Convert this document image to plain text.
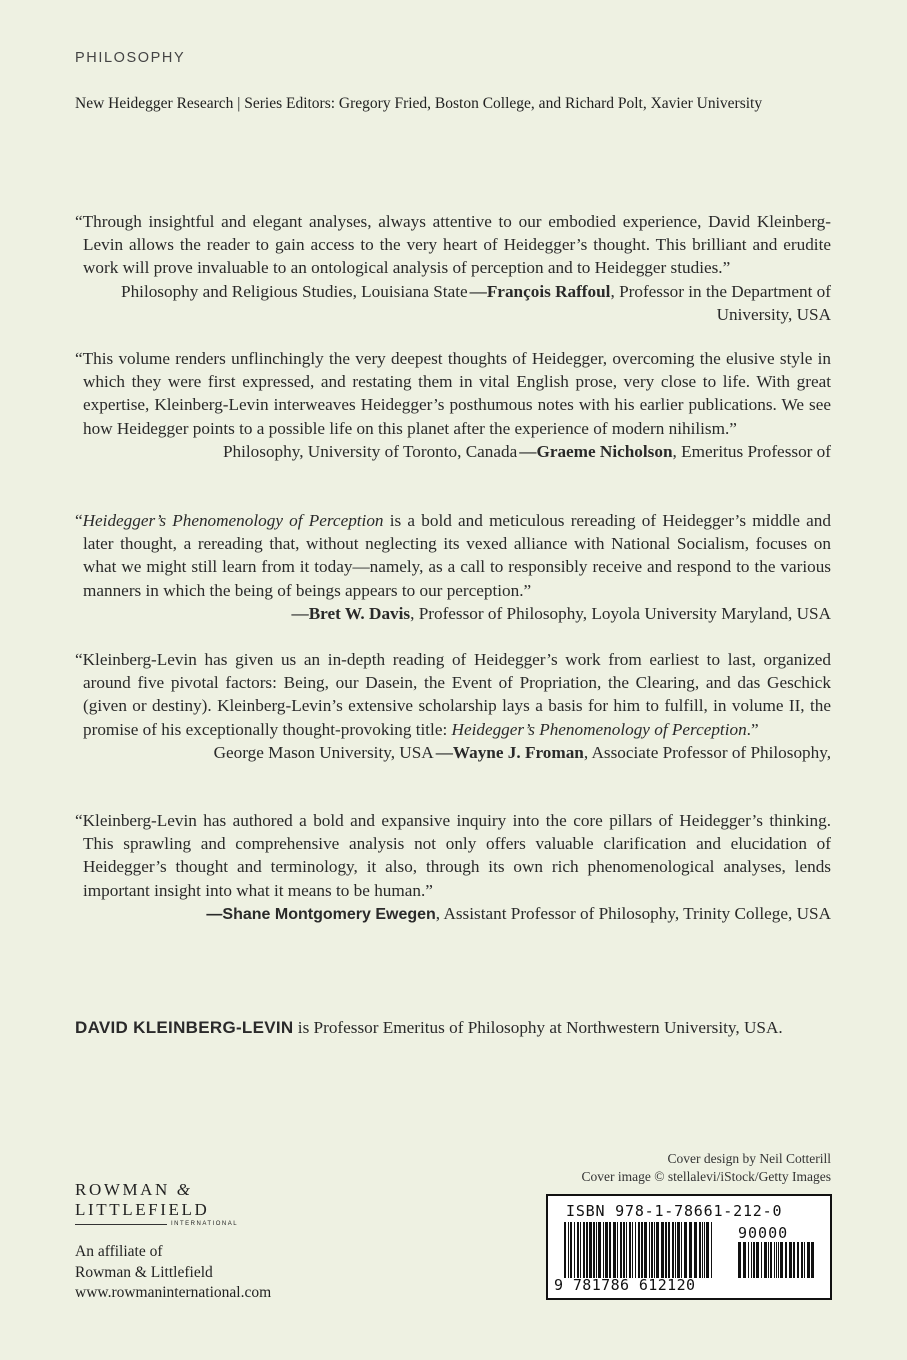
PHILOSOPHY
New Heidegger Research | Series Editors: Gregory Fried, Boston College, and Richard Polt, Xavier University

“Through insightful and elegant analyses, always attentive to our embodied experience, David Kleinberg-Levin allows the reader to gain access to the very heart of Heidegger’s thought. This brilliant and erudite work will prove invaluable to an ontological analysis of perception and to Heidegger studies.”
—François Raffoul, Professor in the Department of

Philosophy and Religious Studies, Louisiana State University, USA

“This volume renders unflinchingly the very deepest thoughts of Heidegger, overcoming the elusive style in which they were first expressed, and restating them in vital English prose, very close to life. With great expertise, Kleinberg-Levin interweaves Heidegger’s posthumous notes with his earlier publications. We see how Heidegger points to a possible life on this planet after the experience of modern nihilism.”
—Graeme Nicholson, Emeritus Professor of

Philosophy, University of Toronto, Canada

“Heidegger’s Phenomenology of Perception is a bold and meticulous rereading of Heidegger’s middle and later thought, a rereading that, without neglecting its vexed alliance with National Socialism, focuses on what we might still learn from it today—namely, as a call to responsibly receive and respond to the various manners in which the being of beings appears to our perception.”
—Bret W. Davis, Professor of Philosophy, Loyola University Maryland, USA

“Kleinberg-Levin has given us an in-depth reading of Heidegger’s work from earliest to last, organized around five pivotal factors: Being, our Dasein, the Event of Propriation, the Clearing, and das Geschick (given or destiny). Kleinberg-Levin’s extensive scholarship lays a basis for him to fulfill, in volume II, the promise of his exceptionally thought-provoking title: Heidegger’s Phenomenology of Perception.”
—Wayne J. Froman, Associate Professor of Philosophy,

George Mason University, USA

“Kleinberg-Levin has authored a bold and expansive inquiry into the core pillars of Heidegger’s thinking. This sprawling and comprehensive analysis not only offers valuable clarification and elucidation of Heidegger’s thought and terminology, it also, through its own rich phenomenological analyses, lends important insight into what it means to be human.”

—Shane Montgomery Ewegen, Assistant Professor of Philosophy, Trinity College, USA

DAVID KLEINBERG-LEVIN is Professor Emeritus of Philosophy at Northwestern University, USA.
Cover design by Neil Cotterill
Cover image © stellalevi/iStock/Getty Images
ROWMAN &
LITTLEFIELD
INTERNATIONAL
An affiliate of
Rowman & Littlefield
www.rowmaninternational.com
ISBN 978-1-78661-212-0
90000
9 781786 612120
